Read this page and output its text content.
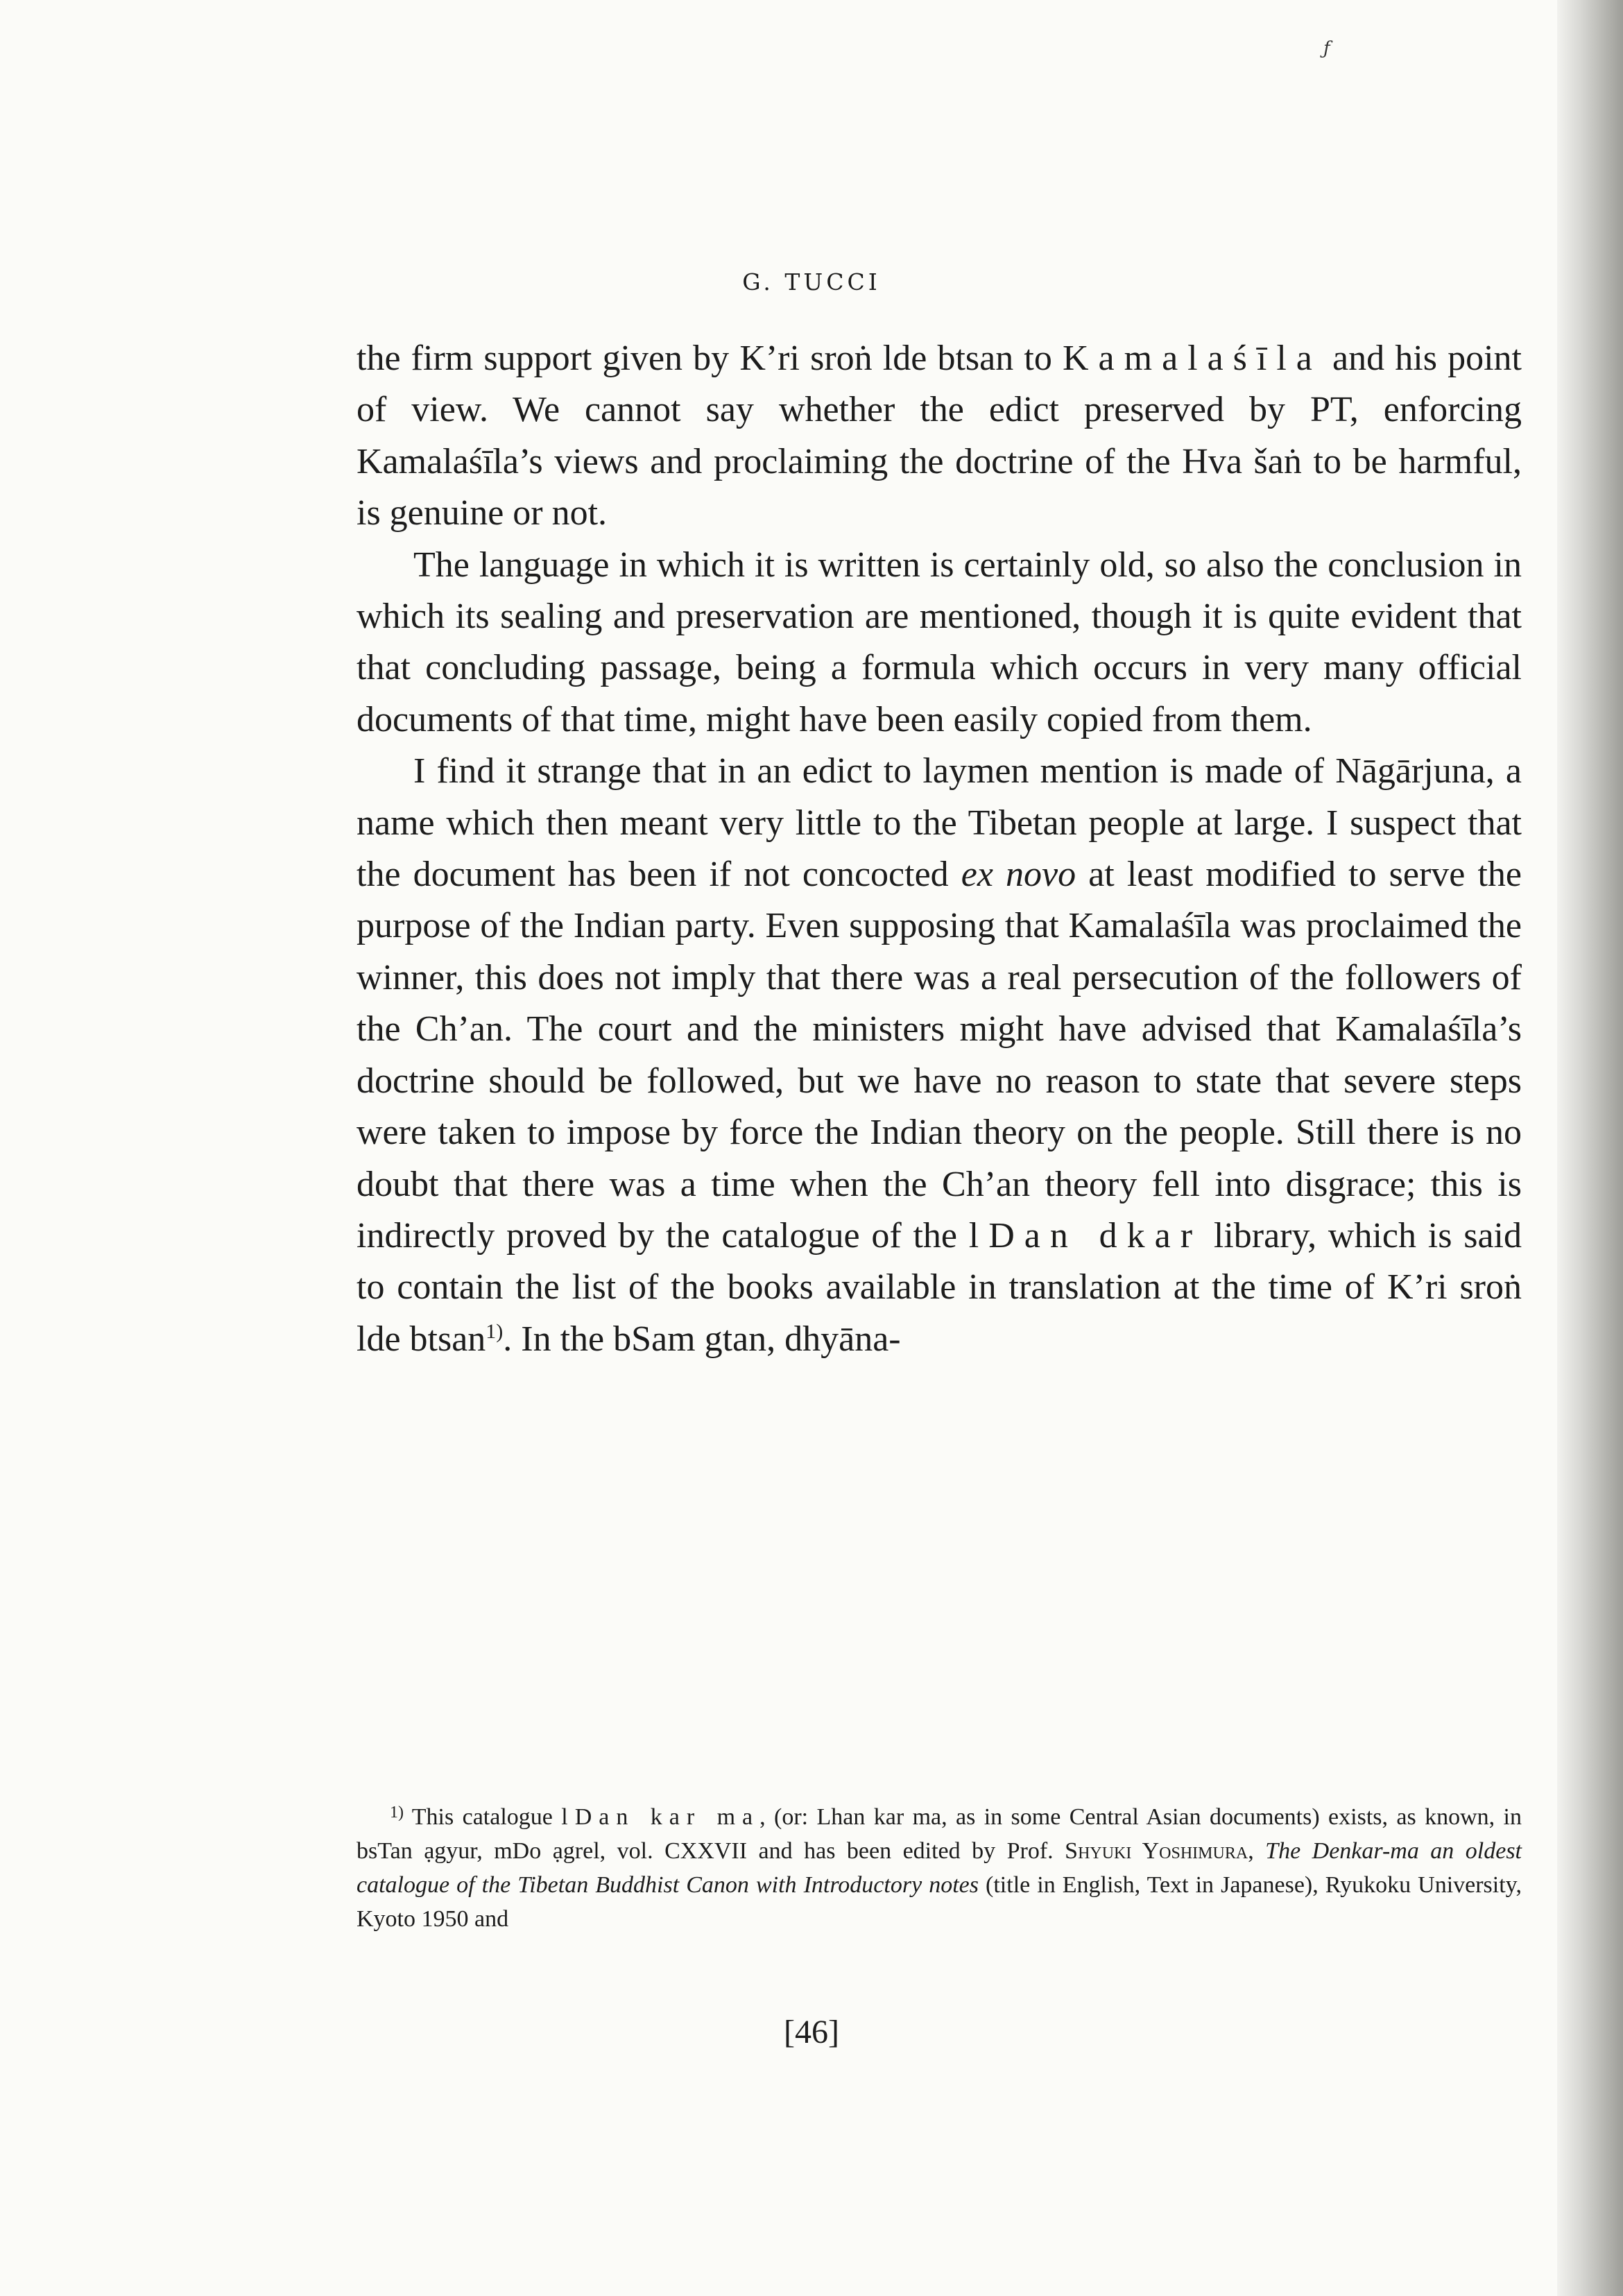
ƒ
G. TUCCI

the firm support given by K’ri sroṅ lde btsan to Kamalaśīla and his point of view. We cannot say whether the edict preserved by PT, enforcing Kamalaśīla’s views and proclaiming the doctrine of the Hva šaṅ to be harmful, is genuine or not.

The language in which it is written is certainly old, so also the conclusion in which its sealing and preservation are mentioned, though it is quite evident that that concluding passage, being a formula which occurs in very many official documents of that time, might have been easily copied from them.

I find it strange that in an edict to laymen mention is made of Nāgārjuna, a name which then meant very little to the Tibetan people at large. I suspect that the document has been if not concocted ex novo at least modified to serve the purpose of the Indian party. Even supposing that Kamalaśīla was proclaimed the winner, this does not imply that there was a real persecution of the followers of the Ch’an. The court and the ministers might have advised that Kamalaśīla’s doctrine should be followed, but we have no reason to state that severe steps were taken to impose by force the Indian theory on the people. Still there is no doubt that there was a time when the Ch’an theory fell into disgrace; this is indirectly proved by the catalogue of the lDan dkar library, which is said to contain the list of the books available in translation at the time of K’ri sroṅ lde btsan$^{1)}$. In the bSam gtan, dhyāna-

$^{1)}$ This catalogue lDan kar ma, (or: Lhan kar ma, as in some Central Asian documents) exists, as known, in bsTan ạgyur, mDo ạgrel, vol. CXXVII and has been edited by Prof. Shyuki Yoshimura, The Denkar-ma an oldest catalogue of the Tibetan Buddhist Canon with Introductory notes (title in English, Text in Japanese), Ryukoku University, Kyoto 1950 and

[46]
